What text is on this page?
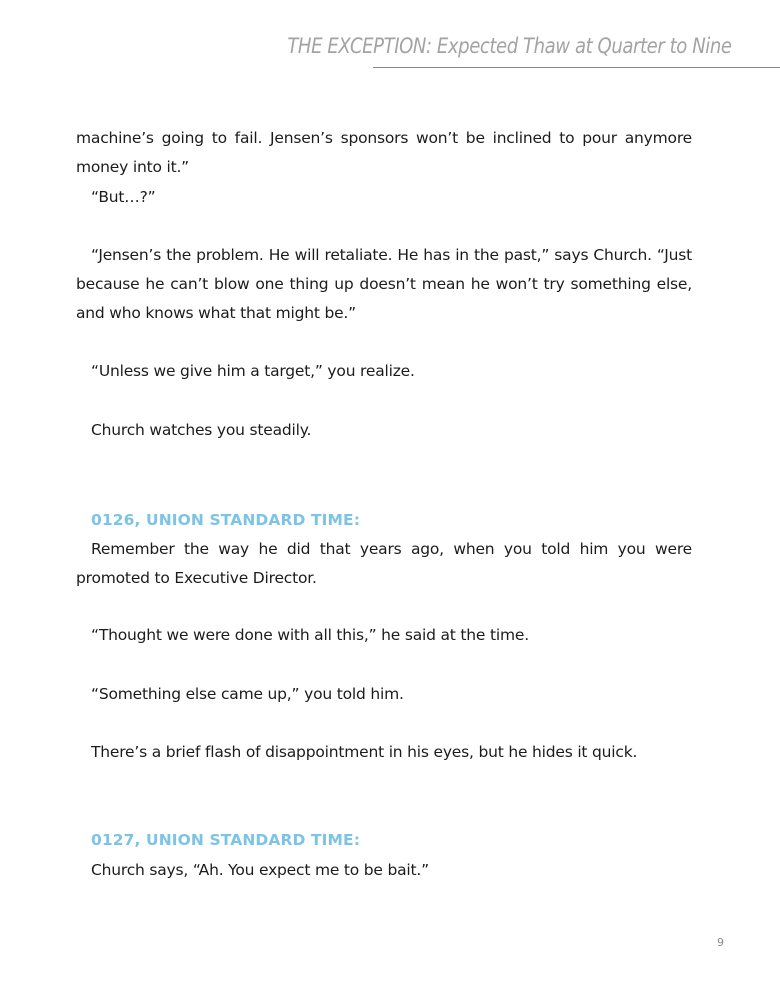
THE EXCEPTION: Expected Thaw at Quarter to Nine

machine’s going to fail. Jensen’s sponsors won’t be inclined to pour anymore money into it.”

“But…?”

“Jensen’s the problem. He will retaliate. He has in the past,” says Church. “Just because he can’t blow one thing up doesn’t mean he won’t try something else, and who knows what that might be.”

“Unless we give him a target,” you realize.

Church watches you steadily.

0126, UNION STANDARD TIME:

Remember the way he did that years ago, when you told him you were promoted to Executive Director.

“Thought we were done with all this,” he said at the time.

“Something else came up,” you told him.

There’s a brief flash of disappointment in his eyes, but he hides it quick.

0127, UNION STANDARD TIME:

Church says, “Ah. You expect me to be bait.”

9
